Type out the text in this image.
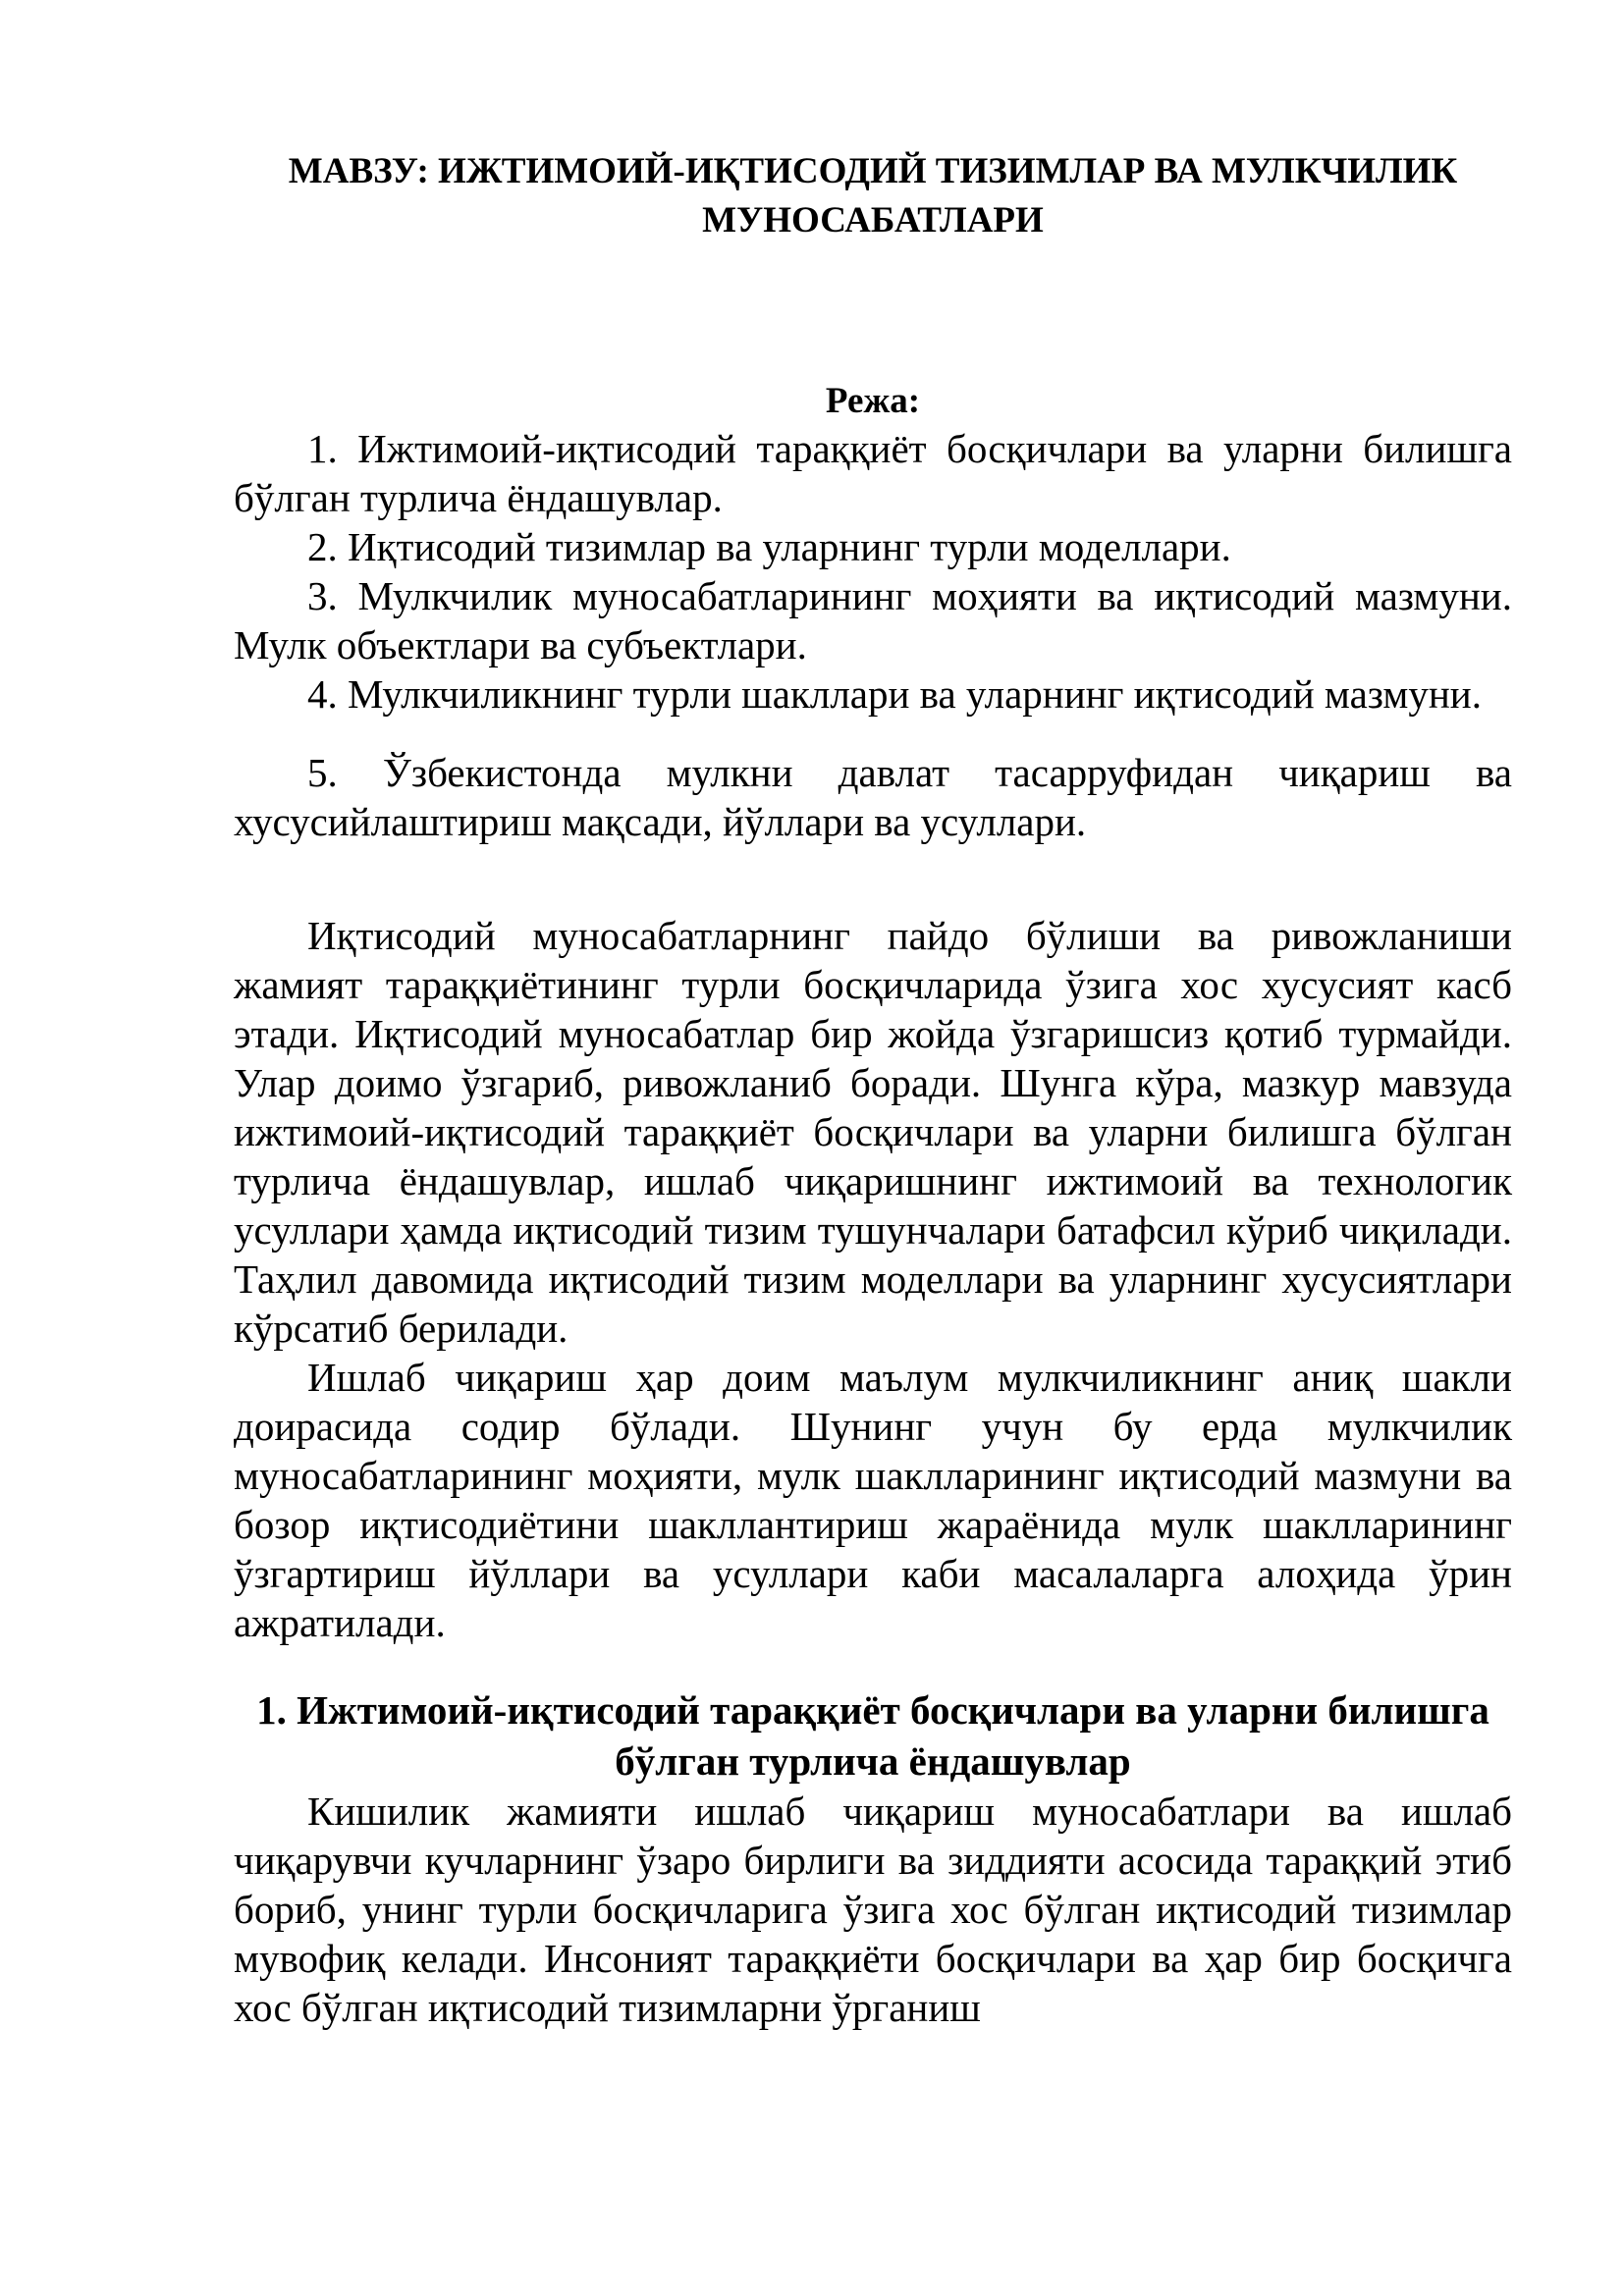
МАВЗУ: ИЖТИМОИЙ-ИҚТИСОДИЙ ТИЗИМЛАР ВА МУЛКЧИЛИК МУНОСАБАТЛАРИ
Режа:
1. Ижтимоий-иқтисодий тараққиёт босқичлари ва уларни билишга бўлган турлича ёндашувлар.
2. Иқтисодий тизимлар ва уларнинг турли моделлари.
3. Мулкчилик муносабатларининг моҳияти ва иқтисодий мазмуни. Мулк объектлари ва субъектлари.
4. Мулкчиликнинг турли шакллари ва уларнинг иқтисодий мазмуни.
5. Ўзбекистонда мулкни давлат тасарруфидан чиқариш ва хусусийлаштириш мақсади, йўллари ва усуллари.

Иқтисодий муносабатларнинг пайдо бўлиши ва ривожланиши жамият тараққиётининг турли босқичларида ўзига хос хусусият касб этади. Иқтисодий муносабатлар бир жойда ўзгаришсиз қотиб турмайди. Улар доимо ўзгариб, ривожланиб боради. Шунга кўра, мазкур мавзуда ижтимоий-иқтисодий тараққиёт босқичлари ва уларни билишга бўлган турлича ёндашувлар, ишлаб чиқаришнинг ижтимоий ва технологик усуллари ҳамда иқтисодий тизим тушунчалари батафсил кўриб чиқилади. Таҳлил давомида иқтисодий тизим моделлари ва уларнинг хусусиятлари кўрсатиб берилади.

Ишлаб чиқариш ҳар доим маълум мулкчиликнинг аниқ шакли доирасида содир бўлади. Шунинг учун бу ерда мулкчилик муносабатларининг моҳияти, мулк шаклларининг иқтисодий мазмуни ва бозор иқтисодиётини шакллантириш жараёнида мулк шаклларининг ўзгартириш йўллари ва усуллари каби масалаларга алоҳида ўрин ажратилади.

1. Ижтимоий-иқтисодий тараққиёт босқичлари ва уларни билишга бўлган турлича ёндашувлар

Кишилик жамияти ишлаб чиқариш муносабатлари ва ишлаб чиқарувчи кучларнинг ўзаро бирлиги ва зиддияти асосида тараққий этиб бориб, унинг турли босқичларига ўзига хос бўлган иқтисодий тизимлар мувофиқ келади. Инсоният тараққиёти босқичлари ва ҳар бир босқичга хос бўлган иқтисодий тизимларни ўрганиш
